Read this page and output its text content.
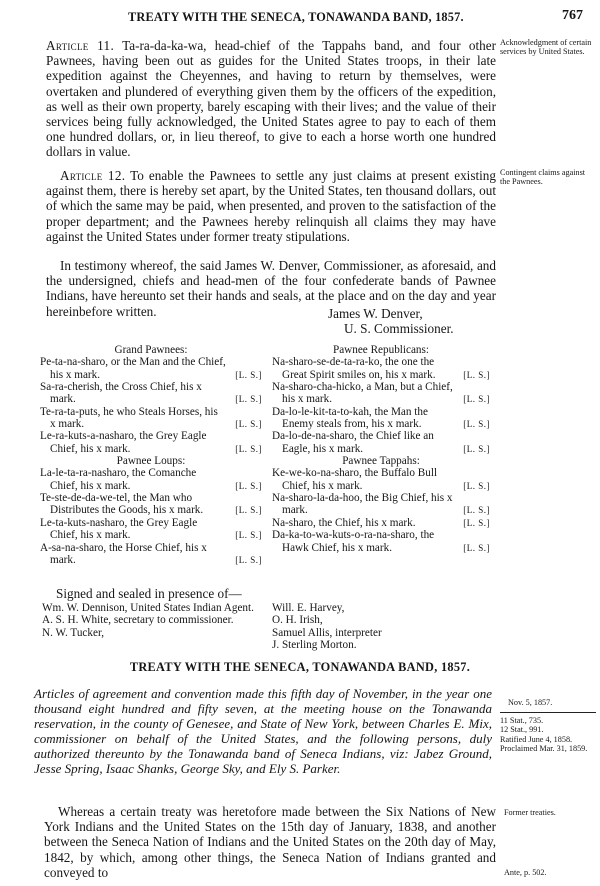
TREATY WITH THE SENECA, TONAWANDA BAND, 1857.	767

Article 11. Ta-ra-da-ka-wa, head-chief of the Tappahs band, and four other Pawnees, having been out as guides for the United States troops, in their late expedition against the Cheyennes, and having to return by themselves, were overtaken and plundered of everything given them by the officers of the expedition, as well as their own property, barely escaping with their lives; and the value of their services being fully acknowledged, the United States agree to pay to each of them one hundred dollars, or, in lieu thereof, to give to each a horse worth one hundred dollars in value.

Acknowledgment of certain services by United States.

Article 12. To enable the Pawnees to settle any just claims at present existing against them, there is hereby set apart, by the United States, ten thousand dollars, out of which the same may be paid, when presented, and proven to the satisfaction of the proper department; and the Pawnees hereby relinquish all claims they may have against the United States under former treaty stipulations.

Contingent claims against the Pawnees.

In testimony whereof, the said James W. Denver, Commissioner, as aforesaid, and the undersigned, chiefs and head-men of the four confederate bands of Pawnee Indians, have hereunto set their hands and seals, at the place and on the day and year hereinbefore written.	James W. Denver,
U. S. Commissioner.
Grand Pawnees:
Pe-ta-na-sharo, or the Man and the Chief, his x mark.	[L. S.]
Sa-ra-cherish, the Cross Chief, his x mark.	[L. S.]
Te-ra-ta-puts, he who Steals Horses, his x mark.	[L. S.]
Le-ra-kuts-a-nasharo, the Grey Eagle Chief, his x mark.	[L. S.]
Pawnee Loups:
La-le-ta-ra-nasharo, the Comanche Chief, his x mark.	[L. S.]
Te-ste-de-da-we-tel, the Man who Distributes the Goods, his x mark.	[L. S.]
Le-ta-kuts-nasharo, the Grey Eagle Chief, his x mark.	[L. S.]
A-sa-na-sharo, the Horse Chief, his x mark.	[L. S.]
Pawnee Republicans:
Na-sharo-se-de-ta-ra-ko, the one the Great Spirit smiles on, his x mark.	[L. S.]
Na-sharo-cha-hicko, a Man, but a Chief, his x mark.	[L. S.]
Da-lo-le-kit-ta-to-kah, the Man the Enemy steals from, his x mark.	[L. S.]
Da-lo-de-na-sharo, the Chief like an Eagle, his x mark.	[L. S.]
Pawnee Tappahs:
Ke-we-ko-na-sharo, the Buffalo Bull Chief, his x mark.	[L. S.]
Na-sharo-la-da-hoo, the Big Chief, his x mark.	[L. S.]
Na-sharo, the Chief, his x mark.	[L. S.]
Da-ka-to-wa-kuts-o-ra-na-sharo, the Hawk Chief, his x mark.	[L. S.]
Signed and sealed in presence of—
Wm. W. Dennison, United States Indian Agent.
A. S. H. White, secretary to commissioner.
N. W. Tucker,
Will. E. Harvey,
O. H. Irish,
Samuel Allis, interpreter
J. Sterling Morton.
TREATY WITH THE SENECA, TONAWANDA BAND, 1857.

Articles of agreement and convention made this fifth day of November, in the year one thousand eight hundred and fifty seven, at the meeting house on the Tonawanda reservation, in the county of Genesee, and State of New York, between Charles E. Mix, commissioner on behalf of the United States, and the following persons, duly authorized thereunto by the Tonawanda band of Seneca Indians, viz: Jabez Ground, Jesse Spring, Isaac Shanks, George Sky, and Ely S. Parker.

Nov. 5, 1857.
11 Stat., 735.
12 Stat., 991.
Ratified June 4, 1858.
Proclaimed Mar. 31, 1859.

Whereas a certain treaty was heretofore made between the Six Nations of New York Indians and the United States on the 15th day of January, 1838, and another between the Seneca Nation of Indians and the United States on the 20th day of May, 1842, by which, among other things, the Seneca Nation of Indians granted and conveyed to

Former treaties.
Ante, p. 502.
